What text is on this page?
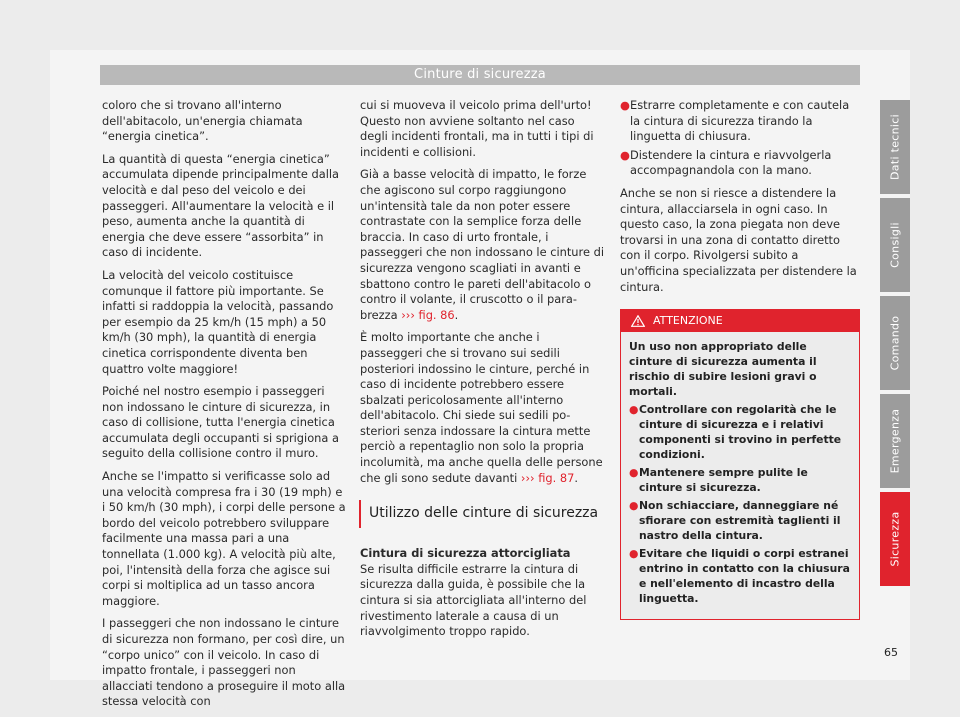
Cinture di sicurezza

coloro che si trovano all'interno dell'abitacolo, un'energia chiamata “energia cinetica”.

La quantità di questa “energia cinetica” accumulata dipende principalmente dalla velocità e dal peso del veicolo e dei passeggeri. All'aumentare la velocità e il peso, aumenta anche la quantità di energia che deve essere “assorbita” in caso di incidente.

La velocità del veicolo costituisce comunque il fattore più importante. Se infatti si raddoppia la velocità, passando per esempio da 25 km/h (15 mph) a 50 km/h (30 mph), la quantità di energia cinetica corrispondente diventa ben quattro volte maggiore!

Poiché nel nostro esempio i passeggeri non indossano le cinture di sicurezza, in caso di collisione, tutta l'energia cinetica accumulata degli occupanti si sprigiona a seguito della collisione contro il muro.

Anche se l'impatto si verificasse solo ad una velocità compresa fra i 30 (19 mph) e i 50 km/h (30 mph), i corpi delle persone a bordo del veicolo potrebbero sviluppare facilmente una massa pari a una tonnellata (1.000 kg). A velocità più alte, poi, l'intensità della forza che agisce sui corpi si moltiplica ad un tasso ancora maggiore.

I passeggeri che non indossano le cinture di sicurezza non formano, per così dire, un “corpo unico” con il veicolo. In caso di impatto frontale, i passeggeri non allacciati tendono a proseguire il moto alla stessa velocità con

cui si muoveva il veicolo prima dell'urto! Questo non avviene soltanto nel caso degli incidenti frontali, ma in tutti i tipi di incidenti e collisioni.

Già a basse velocità di impatto, le forze che agiscono sul corpo raggiungono un'intensità tale da non poter essere contrastate con la semplice forza delle braccia. In caso di urto frontale, i passeggeri che non indossano le cinture di sicurezza vengono scagliati in avanti e sbattono contro le pareti dell'abitacolo o contro il volante, il cruscotto o il parabrezza ››› fig. 86.

È molto importante che anche i passeggeri che si trovano sui sedili posteriori indossino le cinture, perché in caso di incidente potrebbero essere sbalzati pericolosamente all'interno dell'abitacolo. Chi siede sui sedili posteriori senza indossare la cintura mette perciò a repentaglio non solo la propria incolumità, ma anche quella delle persone che gli sono sedute davanti ››› fig. 87.

Utilizzo delle cinture di sicurezza

Cintura di sicurezza attorcigliata

Se risulta difficile estrarre la cintura di sicurezza dalla guida, è possibile che la cintura si sia attorcigliata all'interno del rivestimento laterale a causa di un riavvolgimento troppo rapido.

● Estrarre completamente e con cautela la cintura di sicurezza tirando la linguetta di chiusura.
● Distendere la cintura e riavvolgerla accompagnandola con la mano.

Anche se non si riesce a distendere la cintura, allacciarsela in ogni caso. In questo caso, la zona piegata non deve trovarsi in una zona di contatto diretto con il corpo. Rivolgersi subito a un'officina specializzata per distendere la cintura.

ATTENZIONE

Un uso non appropriato delle cinture di sicurezza aumenta il rischio di subire lesioni gravi o mortali.

● Controllare con regolarità che le cinture di sicurezza e i relativi componenti si trovino in perfette condizioni.
● Mantenere sempre pulite le cinture si sicurezza.
● Non schiacciare, danneggiare né sfiorare con estremità taglienti il nastro della cintura.
● Evitare che liquidi o corpi estranei entrino in contatto con la chiusura e nell'elemento di incastro della linguetta.
Dati tecnici
Consigli
Comando
Emergenza
Sicurezza
65
